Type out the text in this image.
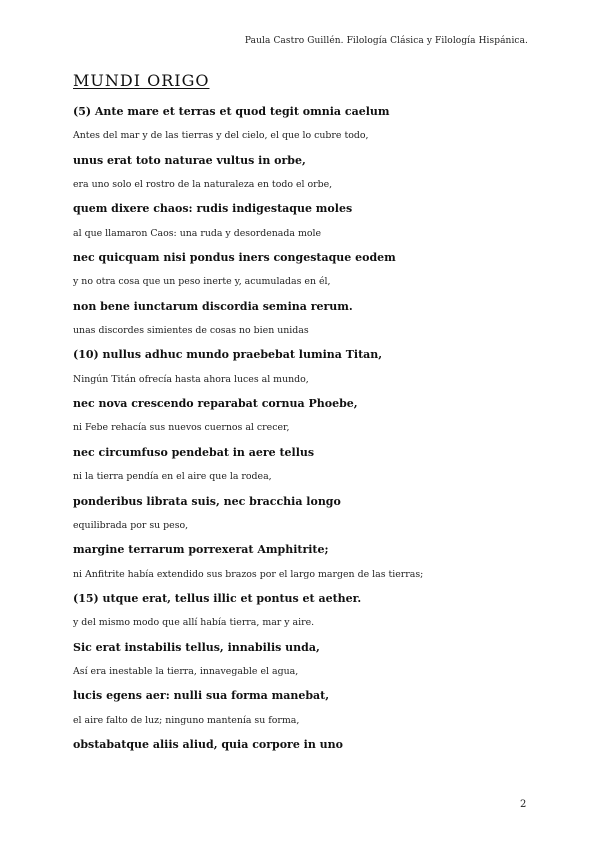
Paula Castro Guillén. Filología Clásica y Filología Hispánica.
MUNDI ORIGO
(5) Ante mare et terras et quod tegit omnia caelum
Antes del mar y de las tierras y del cielo, el que lo cubre todo,
unus erat toto naturae vultus in orbe,
era uno solo el rostro de la naturaleza en todo el orbe,
quem dixere chaos: rudis indigestaque moles
al que llamaron Caos: una ruda y desordenada mole
nec quicquam nisi pondus iners congestaque eodem
y no otra cosa que un peso inerte y, acumuladas en él,
non bene iunctarum discordia semina rerum.
unas discordes simientes de cosas no bien unidas
(10) nullus adhuc mundo praebebat lumina Titan,
Ningún Titán ofrecía hasta ahora luces al mundo,
nec nova crescendo reparabat cornua Phoebe,
ni Febe rehacía sus nuevos cuernos al crecer,
nec circumfuso pendebat in aere tellus
ni la tierra pendía en el aire que la rodea,
ponderibus librata suis, nec bracchia longo
equilibrada por su peso,
margine terrarum porrexerat Amphitrite;
ni Anfitrite había extendido sus brazos por el largo margen de las tierras;
(15) utque erat, tellus illic et pontus et aether.
y del mismo modo que allí había tierra, mar y aire.
Sic erat instabilis tellus, innabilis unda,
Así era inestable la tierra, innavegable el agua,
lucis egens aer: nulli sua forma manebat,
el aire falto de luz; ninguno mantenía su forma,
obstabatque aliis aliud, quia corpore in uno
2
